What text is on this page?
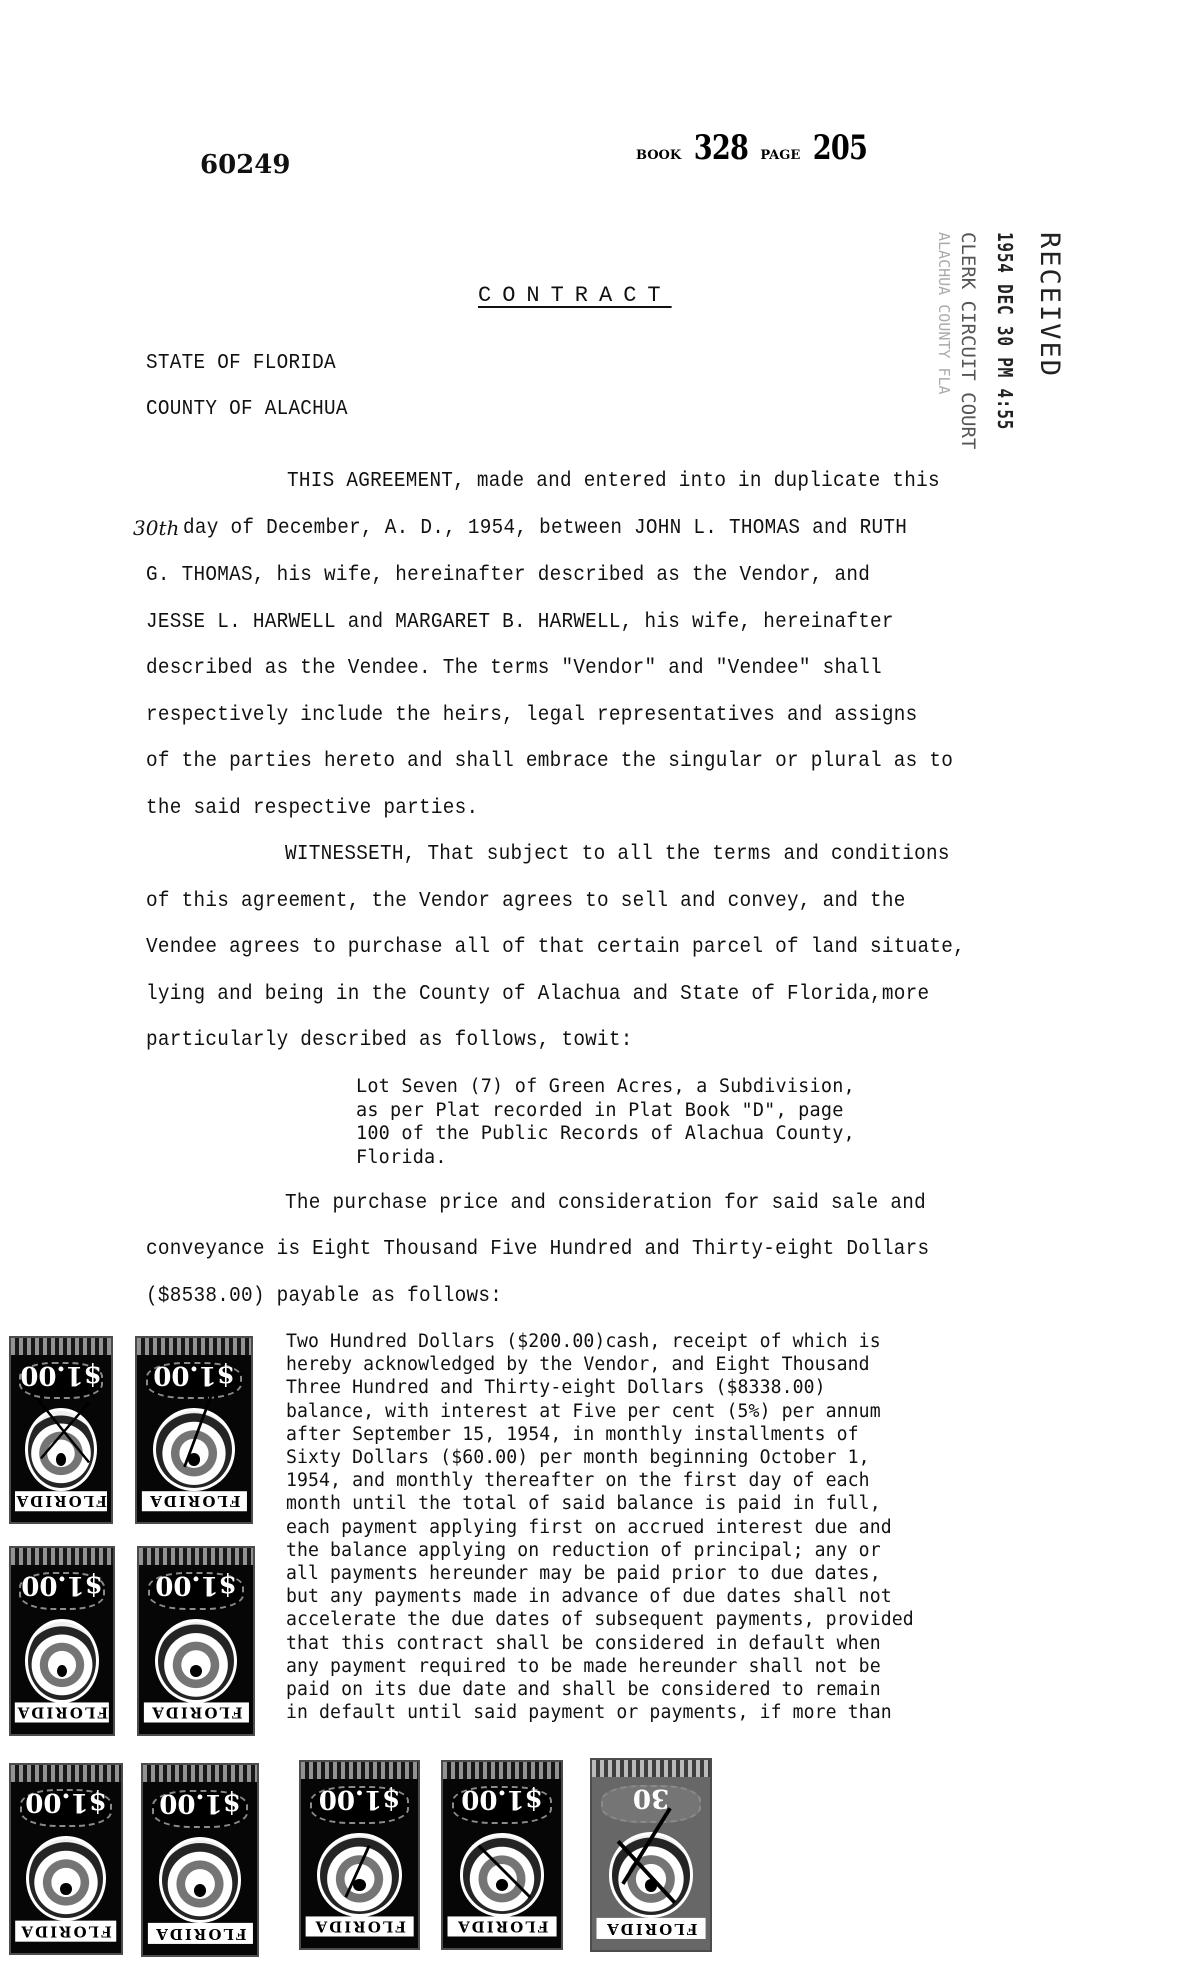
BOOK 328 PAGE 205
60249
RECEIVED
1954 DEC 30 PM 4:55
CLERK CIRCUIT COURT
ALACHUA COUNTY FLA
CONTRACT
STATE OF FLORIDA
COUNTY OF ALACHUA
THIS AGREEMENT, made and entered into in duplicate this
30th day of December, A. D., 1954, between JOHN L. THOMAS and RUTH
G. THOMAS, his wife, hereinafter described as the Vendor, and
JESSE L. HARWELL and MARGARET B. HARWELL, his wife, hereinafter
described as the Vendee. The terms "Vendor" and "Vendee" shall
respectively include the heirs, legal representatives and assigns
of the parties hereto and shall embrace the singular or plural as to
the said respective parties.
WITNESSETH, That subject to all the terms and conditions
of this agreement, the Vendor agrees to sell and convey, and the
Vendee agrees to purchase all of that certain parcel of land situate,
lying and being in the County of Alachua and State of Florida,more
particularly described as follows, towit:
Lot Seven (7) of Green Acres, a Subdivision,
as per Plat recorded in Plat Book "D", page
100 of the Public Records of Alachua County,
Florida.
The purchase price and consideration for said sale and
conveyance is Eight Thousand Five Hundred and Thirty-eight Dollars
($8538.00) payable as follows:
Two Hundred Dollars ($200.00)cash, receipt of which is
hereby acknowledged by the Vendor, and Eight Thousand
Three Hundred and Thirty-eight Dollars ($8338.00)
balance, with interest at Five per cent (5%) per annum
after September 15, 1954, in monthly installments of
Sixty Dollars ($60.00) per month beginning October 1,
1954, and monthly thereafter on the first day of each
month until the total of said balance is paid in full,
each payment applying first on accrued interest due and
the balance applying on reduction of principal; any or
all payments hereunder may be paid prior to due dates,
but any payments made in advance of due dates shall not
accelerate the due dates of subsequent payments, provided
that this contract shall be considered in default when
any payment required to be made hereunder shall not be
paid on its due date and shall be considered to remain
in default until said payment or payments, if more than
$1.00
FLORIDA
$1.00
FLORIDA
$1.00
FLORIDA
$1.00
FLORIDA
$1.00
FLORIDA
$1.00
FLORIDA
$1.00
FLORIDA
$1.00
FLORIDA
30
FLORIDA
